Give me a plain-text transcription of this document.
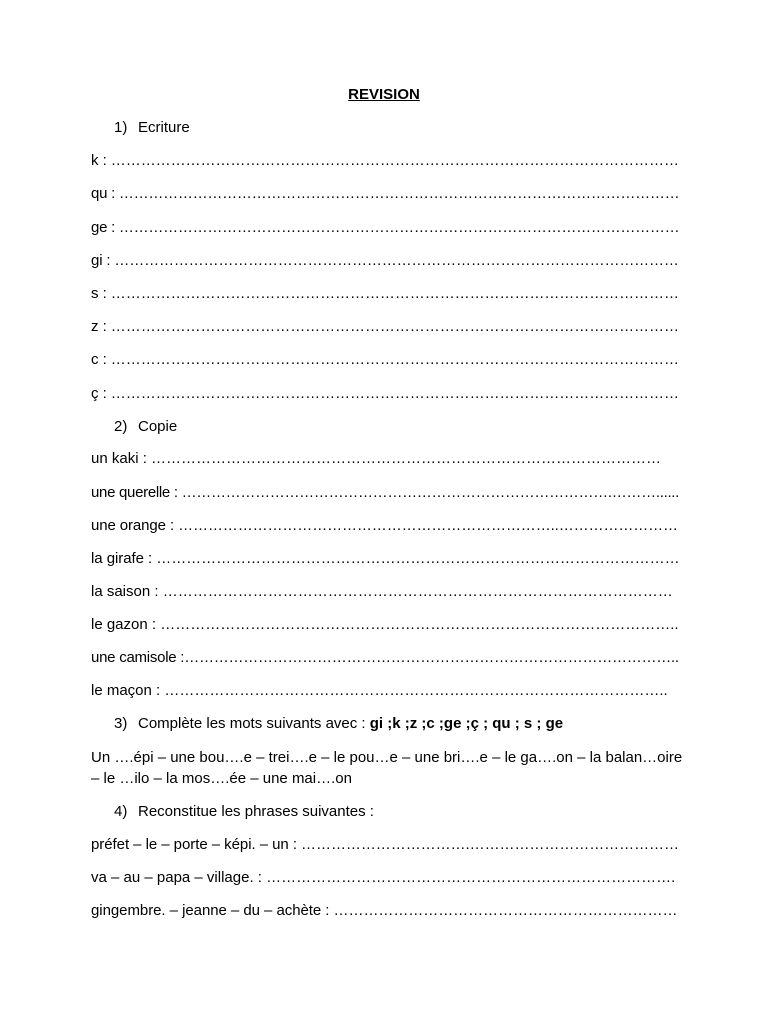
REVISION
1) Ecriture
k : ……………………………………………………………………………………………………
qu : ……………………………………………………………………………………………………
ge : ……………………………………………………………………………………………………
gi : ……………………………………………………………………………………………………
s : ……………………………………………………………………………………………………
z : ……………………………………………………………………………………………………
c : ……………………………………………………………………………………………………
ç : ……………………………………………………………………………………………………
2) Copie
un kaki : …………………………………………………………………………………………
une querelle : …………………………………………………………………………….………......
une orange : …………………………………………………………………..……………………
la girafe : ……………………………………………………………………………………………
la saison : …………………………………………………………………………………………
le gazon : …………………………………………………………………………………………..
une camisole :………………………………………………………………………………………..
le maçon : ………………………………………………………………………………………..
3) Complète les mots suivants avec : gi ;k ;z ;c ;ge ;ç ; qu ; s ; ge
Un ….épi – une bou….e – trei….e – le pou…e – une bri….e – le ga….on – la balan…oire
– le …ilo – la mos….ée – une mai….on
4) Reconstitue les phrases suivantes :
préfet – le – porte – képi. – un : …………………………….……………………………………
va – au – papa – village. : ……………………………………………………………………….
gingembre. – jeanne – du – achète : ……………………………………………………………
